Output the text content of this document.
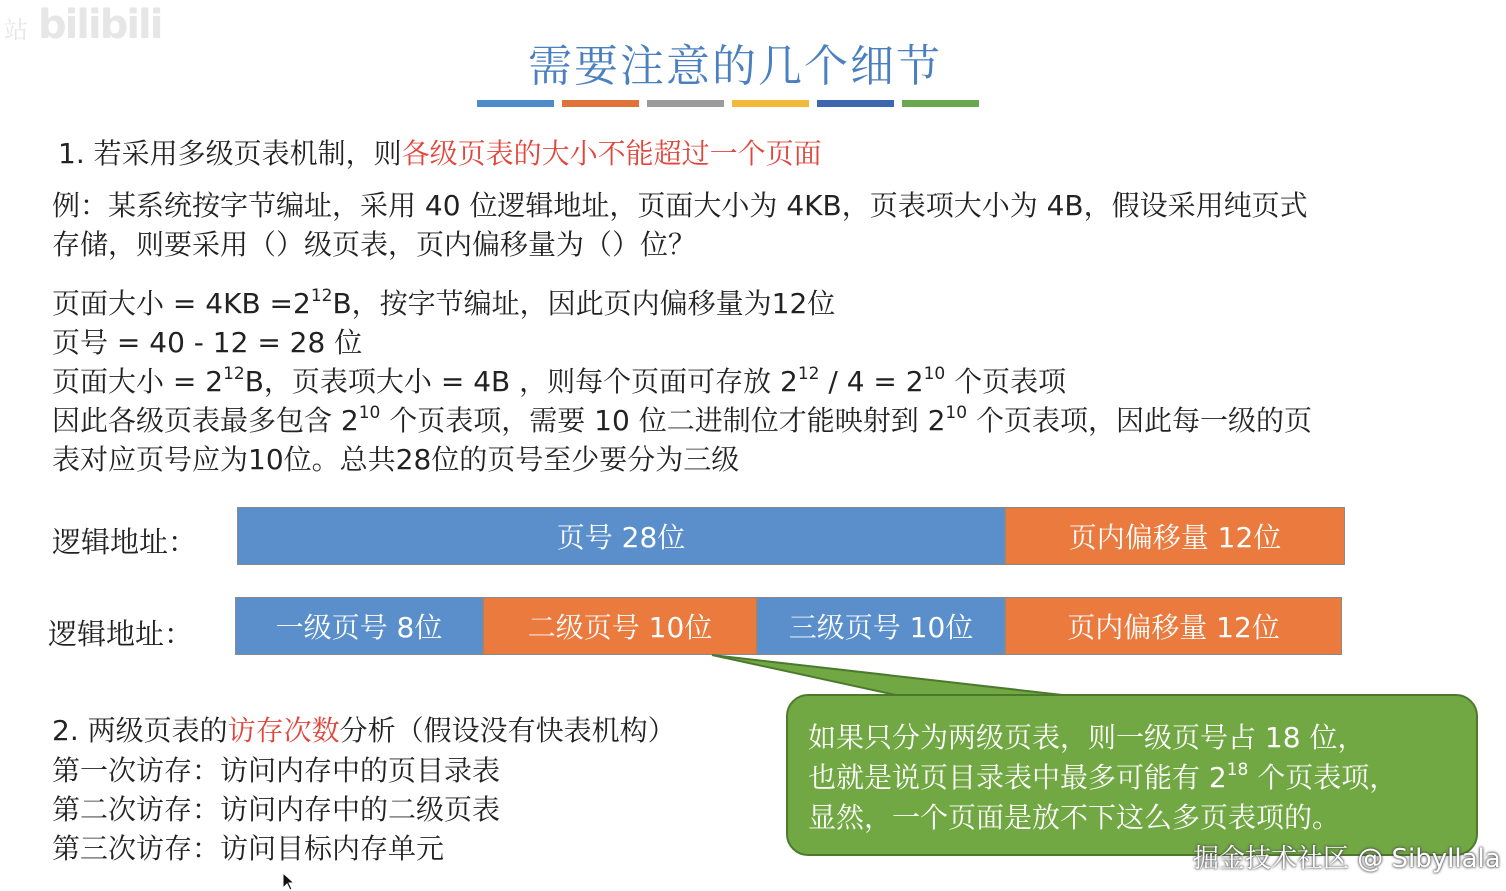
站 bilibili
需要注意的几个细节
1. 若采用多级页表机制，则各级页表的大小不能超过一个页面
例：某系统按字节编址，采用 40 位逻辑地址，页面大小为 4KB，页表项大小为 4B，假设采用纯页式
存储，则要采用（）级页表，页内偏移量为（）位？
页面大小 = $4KB =2^{12}B$，按字节编址，因此页内偏移量为12位
页号 = 40 - 12 = 28 位
页面大小 = $2^{12}B$，页表项大小 = 4B ，则每个页面可存放 $2^{12} / 4 = 2^{10}$ 个页表项
因此各级页表最多包含 $2^{10}$ 个页表项，需要 10 位二进制位才能映射到 $2^{10}$ 个页表项，因此每一级的页
表对应页号应为10位。总共28位的页号至少要分为三级
逻辑地址：	页号 28位	页内偏移量 12位
逻辑地址：	一级页号 8位	二级页号 10位	三级页号 10位	页内偏移量 12位
2. 两级页表的访存次数分析（假设没有快表机构）
第一次访存：访问内存中的页目录表
第二次访存：访问内存中的二级页表
第三次访存：访问目标内存单元
如果只分为两级页表，则一级页号占 18 位，
也就是说页目录表中最多可能有 $2^{18}$ 个页表项，
显然，一个页面是放不下这么多页表项的。
掘金技术社区 @ Sibyllala
